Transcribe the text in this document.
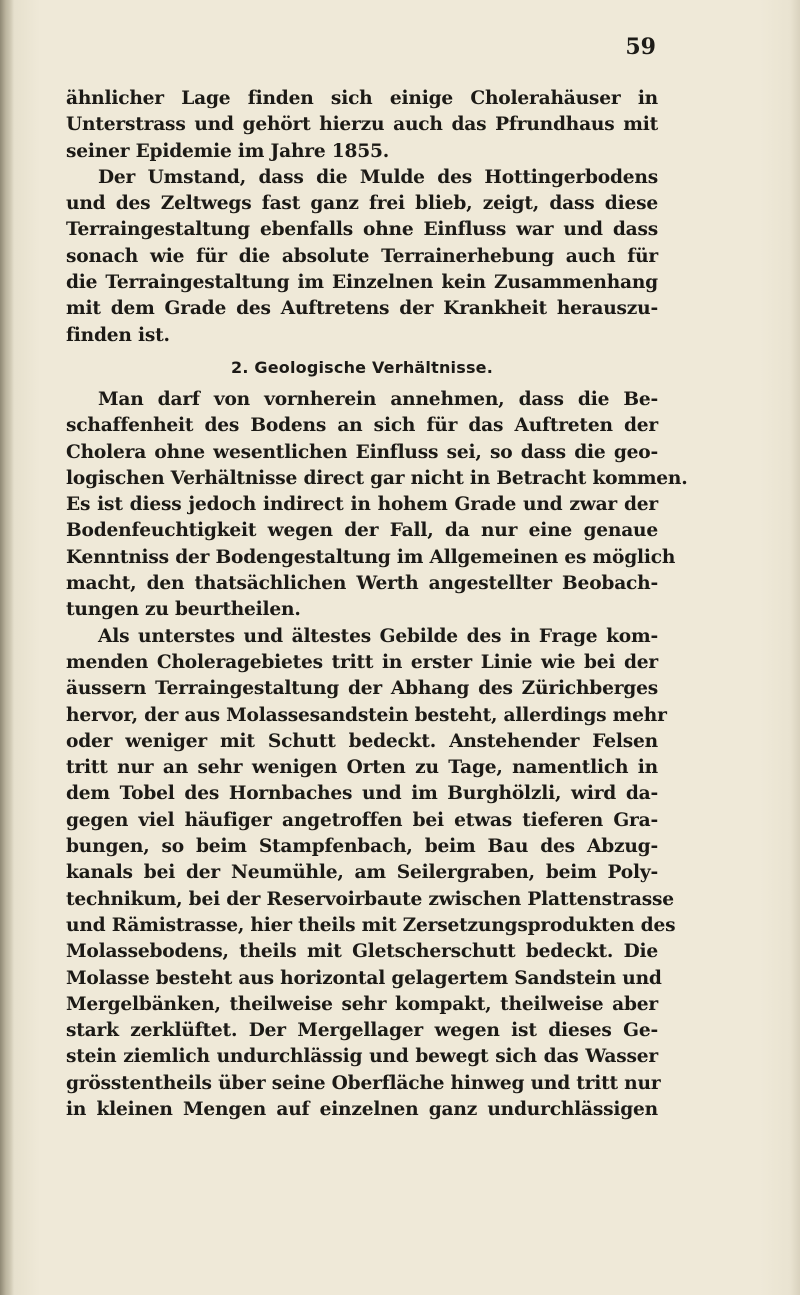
59

ähnlicher Lage finden sich einige Cholerahäuser in
Unterstrass und gehört hierzu auch das Pfrundhaus mit
seiner Epidemie im Jahre 1855.

Der Umstand, dass die Mulde des Hottingerbodens
und des Zeltwegs fast ganz frei blieb, zeigt, dass diese
Terraingestaltung ebenfalls ohne Einfluss war und dass
sonach wie für die absolute Terrainerhebung auch für
die Terraingestaltung im Einzelnen kein Zusammenhang
mit dem Grade des Auftretens der Krankheit herauszu-
finden ist.

2. Geologische Verhältnisse.

Man darf von vornherein annehmen, dass die Be-
schaffenheit des Bodens an sich für das Auftreten der
Cholera ohne wesentlichen Einfluss sei, so dass die geo-
logischen Verhältnisse direct gar nicht in Betracht kommen.
Es ist diess jedoch indirect in hohem Grade und zwar der
Bodenfeuchtigkeit wegen der Fall, da nur eine genaue
Kenntniss der Bodengestaltung im Allgemeinen es möglich
macht, den thatsächlichen Werth angestellter Beobach-
tungen zu beurtheilen.

Als unterstes und ältestes Gebilde des in Frage kom-
menden Choleragebietes tritt in erster Linie wie bei der
äussern Terraingestaltung der Abhang des Zürichberges
hervor, der aus Molassesandstein besteht, allerdings mehr
oder weniger mit Schutt bedeckt. Anstehender Felsen
tritt nur an sehr wenigen Orten zu Tage, namentlich in
dem Tobel des Hornbaches und im Burghölzli, wird da-
gegen viel häufiger angetroffen bei etwas tieferen Gra-
bungen, so beim Stampfenbach, beim Bau des Abzug-
kanals bei der Neumühle, am Seilergraben, beim Poly-
technikum, bei der Reservoirbaute zwischen Plattenstrasse
und Rämistrasse, hier theils mit Zersetzungsprodukten des
Molassebodens, theils mit Gletscherschutt bedeckt. Die
Molasse besteht aus horizontal gelagertem Sandstein und
Mergelbänken, theilweise sehr kompakt, theilweise aber
stark zerklüftet. Der Mergellager wegen ist dieses Ge-
stein ziemlich undurchlässig und bewegt sich das Wasser
grösstentheils über seine Oberfläche hinweg und tritt nur
in kleinen Mengen auf einzelnen ganz undurchlässigen
